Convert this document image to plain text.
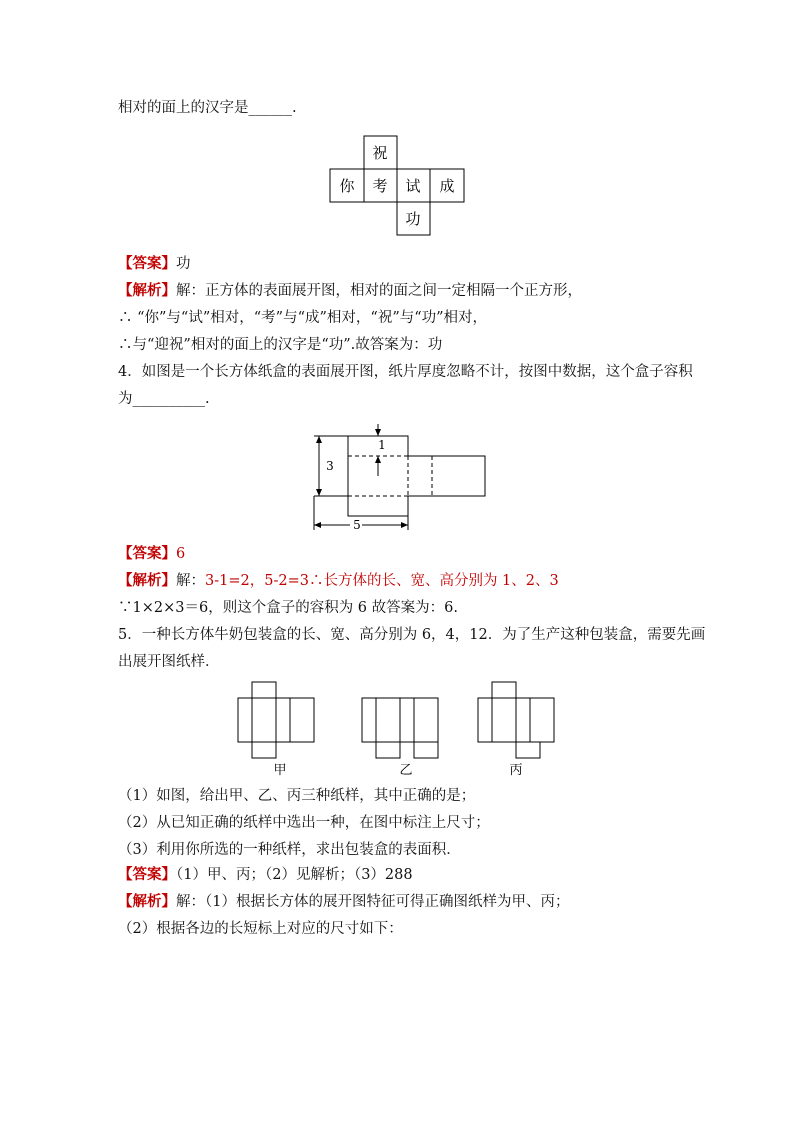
相对的面上的汉字是______.
祝
你 考 试 成
功
【答案】功
【解析】解：正方体的表面展开图，相对的面之间一定相隔一个正方形，
∴ “你”与“试”相对，“考”与“成”相对，“祝”与“功”相对，
∴与“迎祝”相对的面上的汉字是“功”.故答案为：功
4．如图是一个长方体纸盒的表面展开图，纸片厚度忽略不计，按图中数据，这个盒子容积
为__________.
1
3
5
【答案】6
【解析】解：3-1=2，5-2=3∴长方体的长、宽、高分别为 1、2、3
∵1×2×3＝6，则这个盒子的容积为 6 故答案为：6.
5．一种长方体牛奶包装盒的长、宽、高分别为 6，4，12．为了生产这种包装盒，需要先画
出展开图纸样．
甲	乙	丙
（1）如图，给出甲、乙、丙三种纸样，其中正确的是；
（2）从已知正确的纸样中选出一种，在图中标注上尺寸；
（3）利用你所选的一种纸样，求出包装盒的表面积．
【答案】（1）甲、丙；（2）见解析；（3）288
【解析】解：（1）根据长方体的展开图特征可得正确图纸样为甲、丙；
（2）根据各边的长短标上对应的尺寸如下：
